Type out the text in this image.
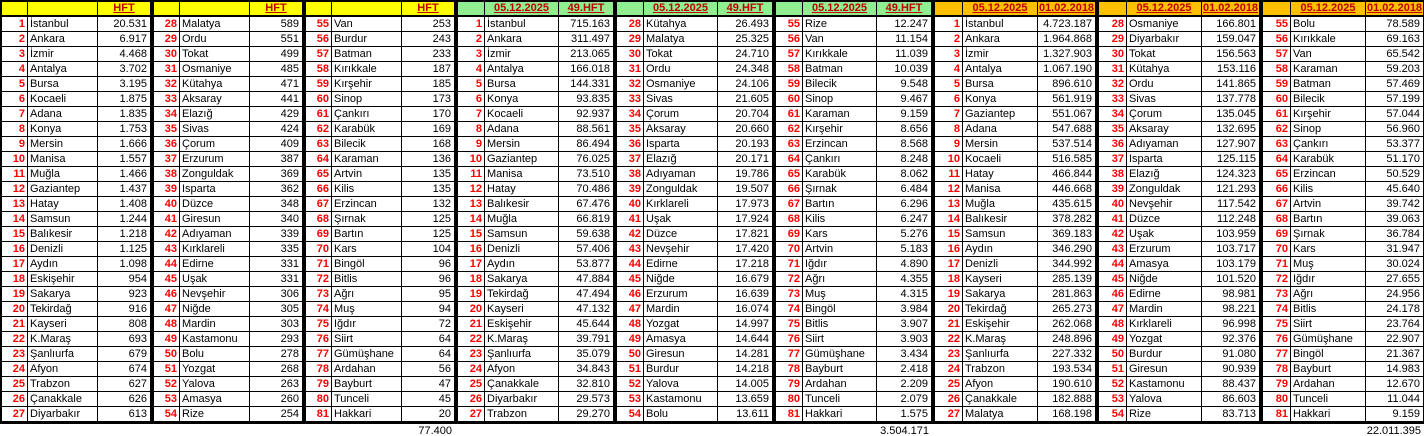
HFT
1 İstanbul	20.531
2 Ankara	6.917
3 İzmir	4.468
4 Antalya	3.702
5 Bursa	3.195
6 Kocaeli	1.875
7 Adana	1.835
8 Konya	1.753
9 Mersin	1.666
10 Manisa	1.557
11 Muğla	1.466
12 Gaziantep	1.437
13 Hatay	1.408
14 Samsun	1.244
15 Balıkesir	1.218
16 Denizli	1.125
17 Aydın	1.098
18 Eskişehir	954
19 Sakarya	923
20 Tekirdağ	916
21 Kayseri	808
22 K.Maraş	693
23 Şanlıurfa	679
24 Afyon	674
25 Trabzon	627
26 Çanakkale	626
27 Diyarbakır	613
HFT
28 Malatya	589
29 Ordu	551
30 Tokat	499
31 Osmaniye	485
32 Kütahya	471
33 Aksaray	441
34 Elazığ	429
35 Sivas	424
36 Çorum	409
37 Erzurum	387
38 Zonguldak	369
39 Isparta	362
40 Düzce	348
41 Giresun	340
42 Adıyaman	339
43 Kırklareli	335
44 Edirne	331
45 Uşak	331
46 Nevşehir	306
47 Niğde	305
48 Mardin	303
49 Kastamonu	293
50 Bolu	278
51 Yozgat	268
52 Yalova	263
53 Amasya	260
54 Rize	254
HFT
55 Van	253
56 Burdur	243
57 Batman	233
58 Kırıkkale	187
59 Kırşehir	185
60 Sinop	173
61 Çankırı	170
62 Karabük	169
63 Bilecik	168
64 Karaman	136
65 Artvin	135
66 Kilis	135
67 Erzincan	132
68 Şırnak	125
69 Bartın	125
70 Kars	104
71 Bingöl	96
72 Bitlis	96
73 Ağrı	95
74 Muş	94
75 Iğdır	72
76 Siirt	64
77 Gümüşhane	64
78 Ardahan	56
79 Bayburt	47
80 Tunceli	45
81 Hakkari	20
77.400
05.12.2025	49.HFT
1 İstanbul	715.163
2 Ankara	311.497
3 İzmir	213.065
4 Antalya	166.018
5 Bursa	144.331
6 Konya	93.835
7 Kocaeli	92.937
8 Adana	88.561
9 Mersin	86.494
10 Gaziantep	76.025
11 Manisa	73.510
12 Hatay	70.486
13 Balıkesir	67.476
14 Muğla	66.819
15 Samsun	59.638
16 Denizli	57.406
17 Aydın	53.877
18 Sakarya	47.884
19 Tekirdağ	47.494
20 Kayseri	47.132
21 Eskişehir	45.644
22 K.Maraş	39.791
23 Şanlıurfa	35.079
24 Afyon	34.843
25 Çanakkale	32.810
26 Diyarbakır	29.573
27 Trabzon	29.270
05.12.2025	49.HFT
28 Kütahya	26.493
29 Malatya	25.325
30 Tokat	24.710
31 Ordu	24.348
32 Osmaniye	24.106
33 Sivas	21.605
34 Çorum	20.704
35 Aksaray	20.660
36 Isparta	20.193
37 Elazığ	20.171
38 Adıyaman	19.786
39 Zonguldak	19.507
40 Kırklareli	17.973
41 Uşak	17.924
42 Düzce	17.821
43 Nevşehir	17.420
44 Edirne	17.218
45 Niğde	16.679
46 Erzurum	16.639
47 Mardin	16.074
48 Yozgat	14.997
49 Amasya	14.644
50 Giresun	14.281
51 Burdur	14.218
52 Yalova	14.005
53 Kastamonu	13.659
54 Bolu	13.611
05.12.2025	49.HFT
55 Rize	12.247
56 Van	11.154
57 Kırıkkale	11.039
58 Batman	10.039
59 Bilecik	9.548
60 Sinop	9.467
61 Karaman	9.159
62 Kırşehir	8.656
63 Erzincan	8.568
64 Çankırı	8.248
65 Karabük	8.062
66 Şırnak	6.484
67 Bartın	6.296
68 Kilis	6.247
69 Kars	5.276
70 Artvin	5.183
71 Iğdır	4.890
72 Ağrı	4.355
73 Muş	4.315
74 Bingöl	3.984
75 Bitlis	3.907
76 Siirt	3.903
77 Gümüşhane	3.434
78 Bayburt	2.418
79 Ardahan	2.209
80 Tunceli	2.079
81 Hakkari	1.575
3.504.171
05.12.2025	01.02.2018
1 İstanbul	4.723.187
2 Ankara	1.964.868
3 İzmir	1.327.903
4 Antalya	1.067.190
5 Bursa	896.610
6 Konya	561.919
7 Gaziantep	551.067
8 Adana	547.688
9 Mersin	537.514
10 Kocaeli	516.585
11 Hatay	466.844
12 Manisa	446.668
13 Muğla	435.615
14 Balıkesir	378.282
15 Samsun	369.183
16 Aydın	346.290
17 Denizli	344.992
18 Kayseri	285.139
19 Sakarya	281.863
20 Tekirdağ	265.273
21 Eskişehir	262.068
22 K.Maraş	248.896
23 Şanlıurfa	227.332
24 Trabzon	193.534
25 Afyon	190.610
26 Çanakkale	182.888
27 Malatya	168.198
05.12.2025	01.02.2018
28 Osmaniye	166.801
29 Diyarbakır	159.047
30 Tokat	156.563
31 Kütahya	153.116
32 Ordu	141.865
33 Sivas	137.778
34 Çorum	135.045
35 Aksaray	132.695
36 Adıyaman	127.907
37 Isparta	125.115
38 Elazığ	124.323
39 Zonguldak	121.293
40 Nevşehir	117.542
41 Düzce	112.248
42 Uşak	103.959
43 Erzurum	103.717
44 Amasya	103.179
45 Niğde	101.520
46 Edirne	98.981
47 Mardin	98.221
48 Kırklareli	96.998
49 Yozgat	92.376
50 Burdur	91.080
51 Giresun	90.939
52 Kastamonu	88.437
53 Yalova	86.603
54 Rize	83.713
05.12.2025	01.02.2018
55 Bolu	78.589
56 Kırıkkale	69.163
57 Van	65.542
58 Karaman	59.203
59 Batman	57.469
60 Bilecik	57.199
61 Kırşehir	57.044
62 Sinop	56.960
63 Çankırı	53.377
64 Karabük	51.170
65 Erzincan	50.529
66 Kilis	45.640
67 Artvin	39.742
68 Bartın	39.063
69 Şırnak	36.784
70 Kars	31.947
71 Muş	30.024
72 Iğdır	27.655
73 Ağrı	24.956
74 Bitlis	24.178
75 Siirt	23.764
76 Gümüşhane	22.907
77 Bingöl	21.367
78 Bayburt	14.983
79 Ardahan	12.670
80 Tunceli	11.044
81 Hakkari	9.159
22.011.395
